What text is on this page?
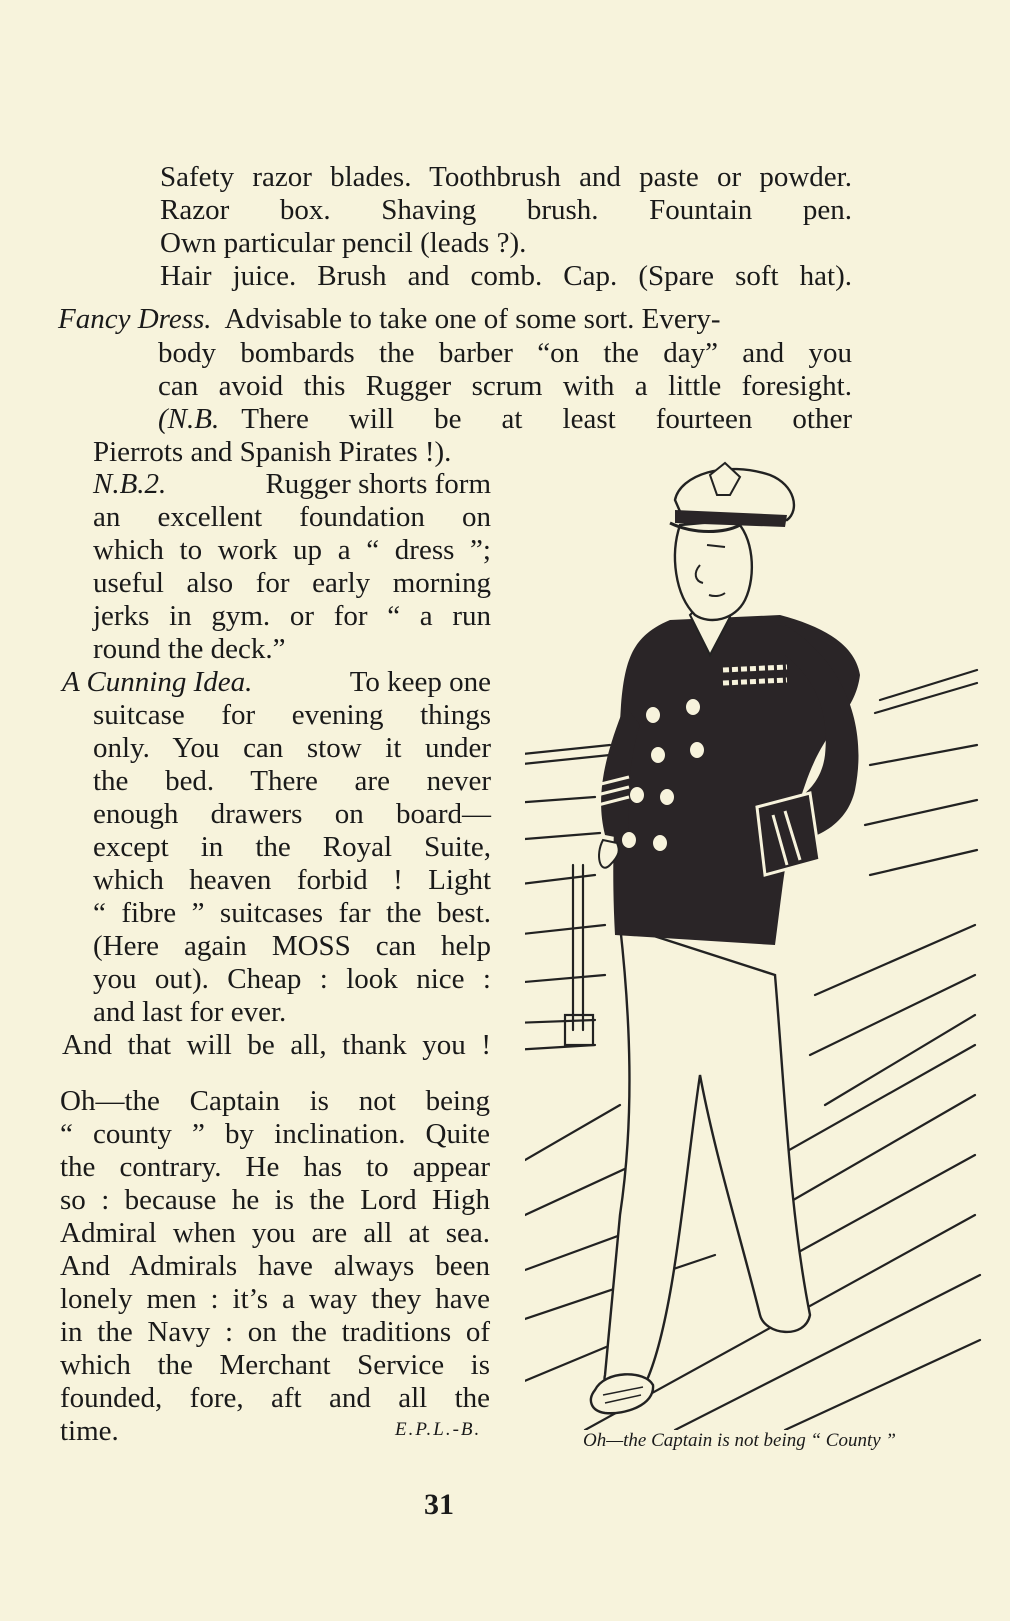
Safety razor blades. Toothbrush and paste or powder.
Razor box. Shaving brush. Fountain pen.
Own particular pencil (leads ?).
Hair juice. Brush and comb. Cap. (Spare soft hat).
Fancy Dress. Advisable to take one of some sort. Every-
body bombards the barber “on the day” and you
can avoid this Rugger scrum with a little foresight.
(N.B. There will be at least fourteen other
Pierrots and Spanish Pirates !).
N.B.2.	Rugger shorts form
an excellent foundation on
which to work up a “ dress ”;
useful also for early morning
jerks in gym. or for “ a run
round the deck.”
A Cunning Idea.	To keep one
suitcase for evening things
only. You can stow it under
the bed. There are never
enough drawers on board—
except in the Royal Suite,
which heaven forbid ! Light
“ fibre ” suitcases far the best.
(Here again MOSS can help
you out). Cheap : look nice :
and last for ever.
And that will be all, thank you !
Oh—the Captain is not being
“ county ” by inclination. Quite
the contrary. He has to appear
so : because he is the Lord High
Admiral when you are all at sea.
And Admirals have always been
lonely men : it’s a way they have
in the Navy : on the traditions of
which the Merchant Service is
founded, fore, aft and all the
time.	E.P.L.-B.
Oh—the Captain is not being “ County ”
31
